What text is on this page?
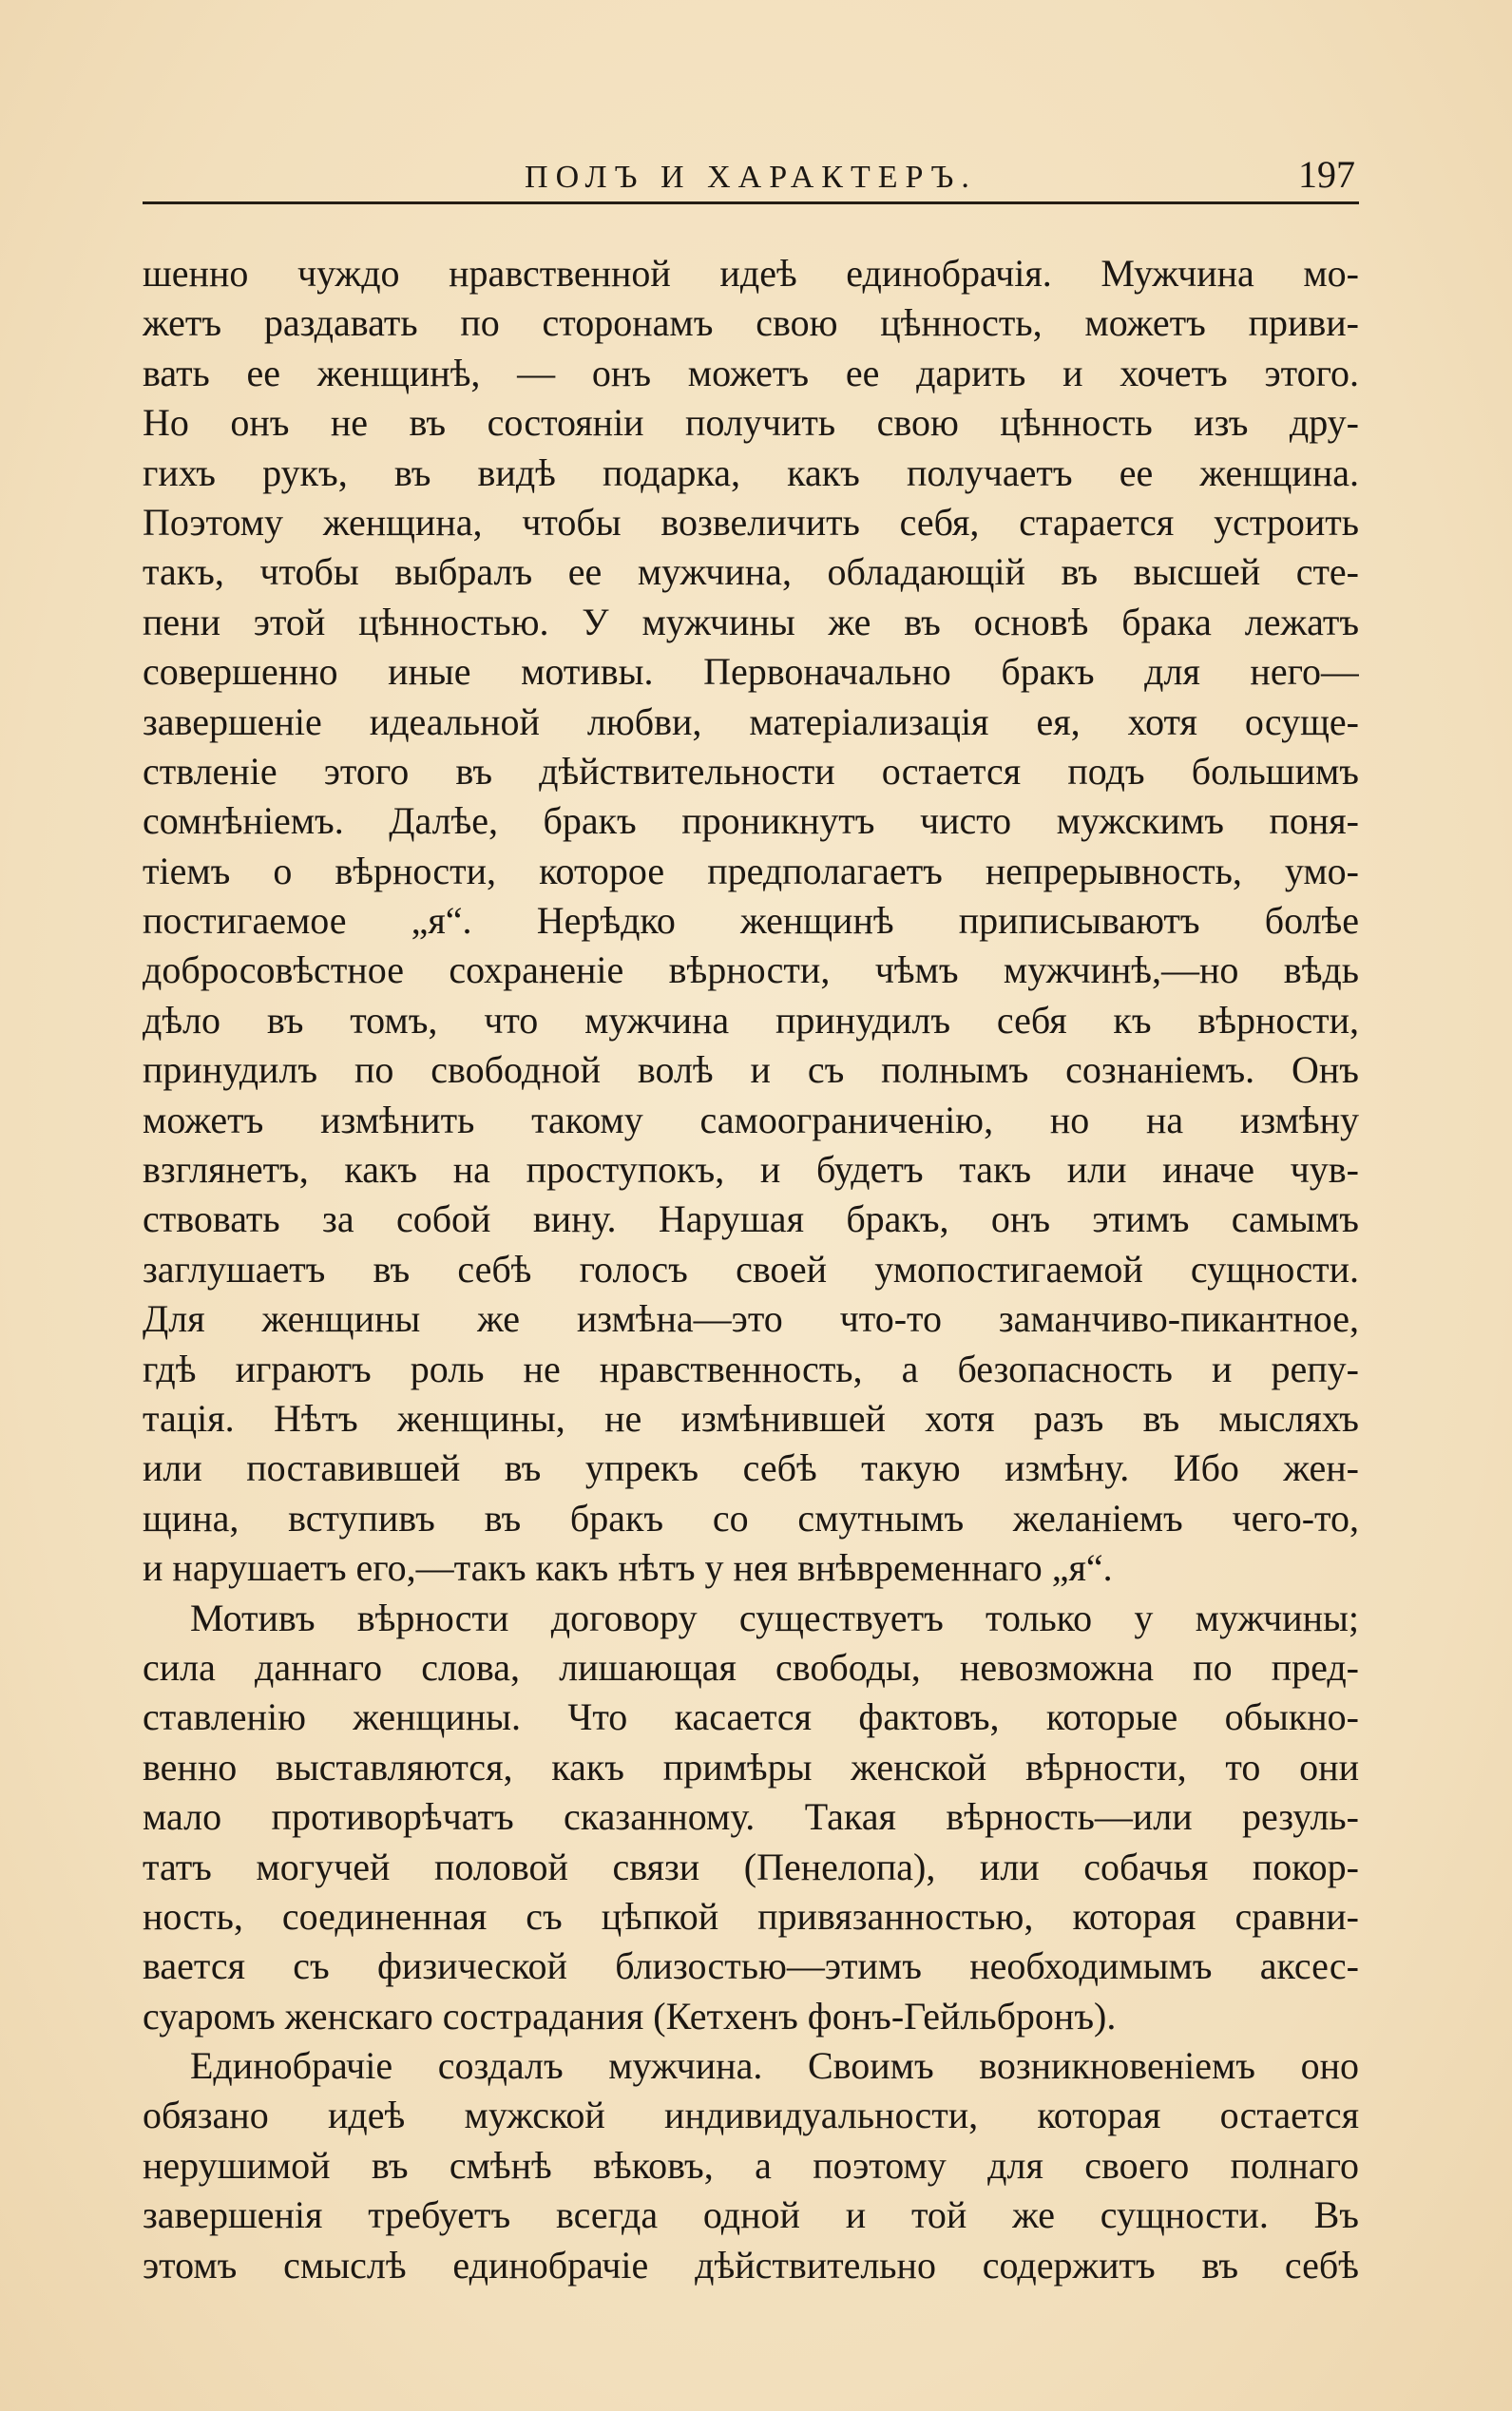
ПОЛЪ И ХАРАКТЕРЪ.	197
шенно чуждо нравственной идеѣ единобрачія. Мужчина мо-
жетъ раздавать по сторонамъ свою цѣнность, можетъ приви-
вать ее женщинѣ, — онъ можетъ ее дарить и хочетъ этого.
Но онъ не въ состояніи получить свою цѣнность изъ дру-
гихъ рукъ, въ видѣ подарка, какъ получаетъ ее женщина.
Поэтому женщина, чтобы возвеличить себя, старается устроить
такъ, чтобы выбралъ ее мужчина, обладающій въ высшей сте-
пени этой цѣнностью. У мужчины же въ основѣ брака лежатъ
совершенно иные мотивы. Первоначально бракъ для него—
завершеніе идеальной любви, матеріализація ея, хотя осуще-
ствленіе этого въ дѣйствительности остается подъ большимъ
сомнѣніемъ. Далѣе, бракъ проникнутъ чисто мужскимъ поня-
тіемъ о вѣрности, которое предполагаетъ непрерывность, умо-
постигаемое „я“. Нерѣдко женщинѣ приписываютъ болѣе
добросовѣстное сохраненіе вѣрности, чѣмъ мужчинѣ,—но вѣдь
дѣло въ томъ, что мужчина принудилъ себя къ вѣрности,
принудилъ по свободной волѣ и съ полнымъ сознаніемъ. Онъ
можетъ измѣнить такому самоограниченію, но на измѣну
взглянетъ, какъ на проступокъ, и будетъ такъ или иначе чув-
ствовать за собой вину. Нарушая бракъ, онъ этимъ самымъ
заглушаетъ въ себѣ голосъ своей умопостигаемой сущности.
Для женщины же измѣна—это что-то заманчиво-пикантное,
гдѣ играютъ роль не нравственность, а безопасность и репу-
тація. Нѣтъ женщины, не измѣнившей хотя разъ въ мысляхъ
или поставившей въ упрекъ себѣ такую измѣну. Ибо жен-
щина, вступивъ въ бракъ со смутнымъ желаніемъ чего-то,
и нарушаетъ его,—такъ какъ нѣтъ у нея внѣвременнаго „я“.
Мотивъ вѣрности договору существуетъ только у мужчины;
сила даннаго слова, лишающая свободы, невозможна по пред-
ставленію женщины. Что касается фактовъ, которые обыкно-
венно выставляются, какъ примѣры женской вѣрности, то они
мало противорѣчатъ сказанному. Такая вѣрность—или резуль-
татъ могучей половой связи (Пенелопа), или собачья покор-
ность, соединенная съ цѣпкой привязанностью, которая сравни-
вается съ физической близостью—этимъ необходимымъ аксес-
суаромъ женскаго сострадания (Кетхенъ фонъ-Гейльбронъ).
Единобрачіе создалъ мужчина. Своимъ возникновеніемъ оно
обязано идеѣ мужской индивидуальности, которая остается
нерушимой въ смѣнѣ вѣковъ, а поэтому для своего полнаго
завершенія требуетъ всегда одной и той же сущности. Въ
этомъ смыслѣ единобрачіе дѣйствительно содержитъ въ себѣ
